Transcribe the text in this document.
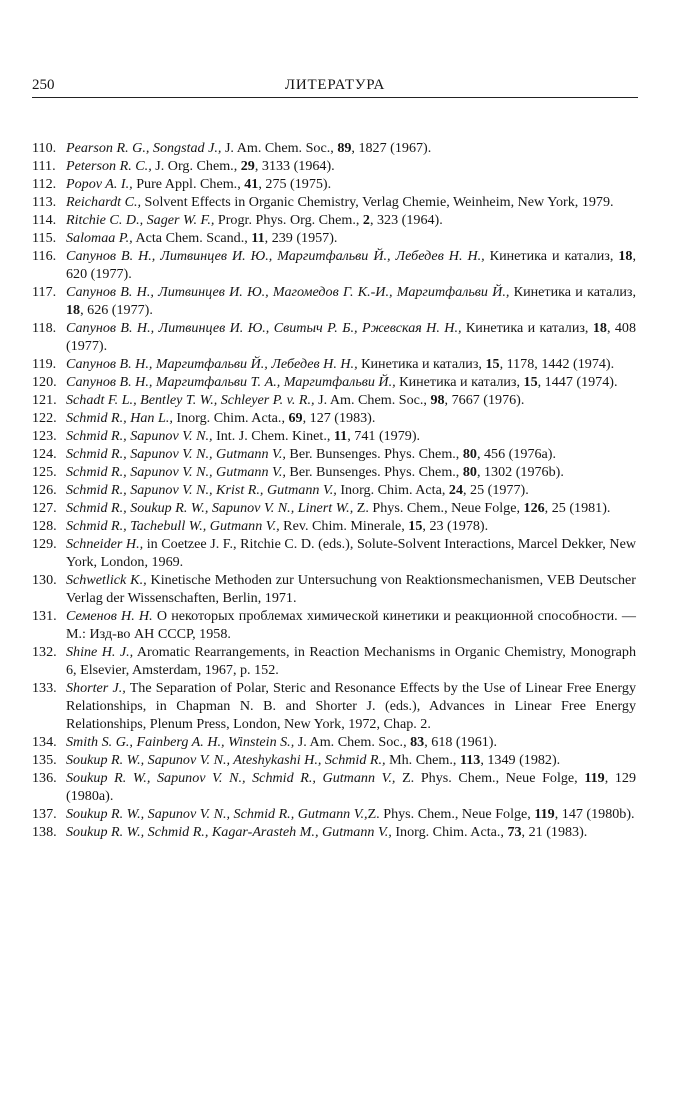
250	ЛИТЕРАТУРА

110. Pearson R. G., Songstad J., J. Am. Chem. Soc., 89, 1827 (1967).

111. Peterson R. C., J. Org. Chem., 29, 3133 (1964).

112. Popov A. I., Pure Appl. Chem., 41, 275 (1975).

113. Reichardt C., Solvent Effects in Organic Chemistry, Verlag Chemie, Weinheim, New York, 1979.

114. Ritchie C. D., Sager W. F., Progr. Phys. Org. Chem., 2, 323 (1964).

115. Salomaa P., Acta Chem. Scand., 11, 239 (1957).

116. Сапунов В. Н., Литвинцев И. Ю., Маргитфальви Й., Лебедев Н. Н., Кинетика и катализ, 18, 620 (1977).

117. Сапунов В. Н., Литвинцев И. Ю., Магомедов Г. К.-И., Маргитфальви Й., Кинетика и катализ, 18, 626 (1977).

118. Сапунов В. Н., Литвинцев И. Ю., Свитыч Р. Б., Ржевская Н. Н., Кинетика и катализ, 18, 408 (1977).

119. Сапунов В. Н., Маргитфальви Й., Лебедев Н. Н., Кинетика и катализ, 15, 1178, 1442 (1974).

120. Сапунов В. Н., Маргитфальви Т. А., Маргитфальви Й., Кинетика и катализ, 15, 1447 (1974).

121. Schadt F. L., Bentley T. W., Schleyer P. v. R., J. Am. Chem. Soc., 98, 7667 (1976).

122. Schmid R., Han L., Inorg. Chim. Acta., 69, 127 (1983).

123. Schmid R., Sapunov V. N., Int. J. Chem. Kinet., 11, 741 (1979).

124. Schmid R., Sapunov V. N., Gutmann V., Ber. Bunsenges. Phys. Chem., 80, 456 (1976a).

125. Schmid R., Sapunov V. N., Gutmann V., Ber. Bunsenges. Phys. Chem., 80, 1302 (1976b).

126. Schmid R., Sapunov V. N., Krist R., Gutmann V., Inorg. Chim. Acta, 24, 25 (1977).

127. Schmid R., Soukup R. W., Sapunov V. N., Linert W., Z. Phys. Chem., Neue Folge, 126, 25 (1981).

128. Schmid R., Tachebull W., Gutmann V., Rev. Chim. Minerale, 15, 23 (1978).

129. Schneider H., in Coetzee J. F., Ritchie C. D. (eds.), Solute-Solvent Interactions, Marcel Dekker, New York, London, 1969.

130. Schwetlick K., Kinetische Methoden zur Untersuchung von Reaktionsmechanismen, VEB Deutscher Verlag der Wissenschaften, Berlin, 1971.

131. Семенов Н. Н. О некоторых проблемах химической кинетики и реакционной способности. — М.: Изд-во АН СССР, 1958.

132. Shine H. J., Aromatic Rearrangements, in Reaction Mechanisms in Organic Chemistry, Monograph 6, Elsevier, Amsterdam, 1967, p. 152.

133. Shorter J., The Separation of Polar, Steric and Resonance Effects by the Use of Linear Free Energy Relationships, in Chapman N. B. and Shorter J. (eds.), Advances in Linear Free Energy Relationships, Plenum Press, London, New York, 1972, Chap. 2.

134. Smith S. G., Fainberg A. H., Winstein S., J. Am. Chem. Soc., 83, 618 (1961).

135. Soukup R. W., Sapunov V. N., Ateshykashi H., Schmid R., Mh. Chem., 113, 1349 (1982).

136. Soukup R. W., Sapunov V. N., Schmid R., Gutmann V., Z. Phys. Chem., Neue Folge, 119, 129 (1980a).

137. Soukup R. W., Sapunov V. N., Schmid R., Gutmann V.,Z. Phys. Chem., Neue Folge, 119, 147 (1980b).

138. Soukup R. W., Schmid R., Kagar-Arasteh M., Gutmann V., Inorg. Chim. Acta., 73, 21 (1983).
